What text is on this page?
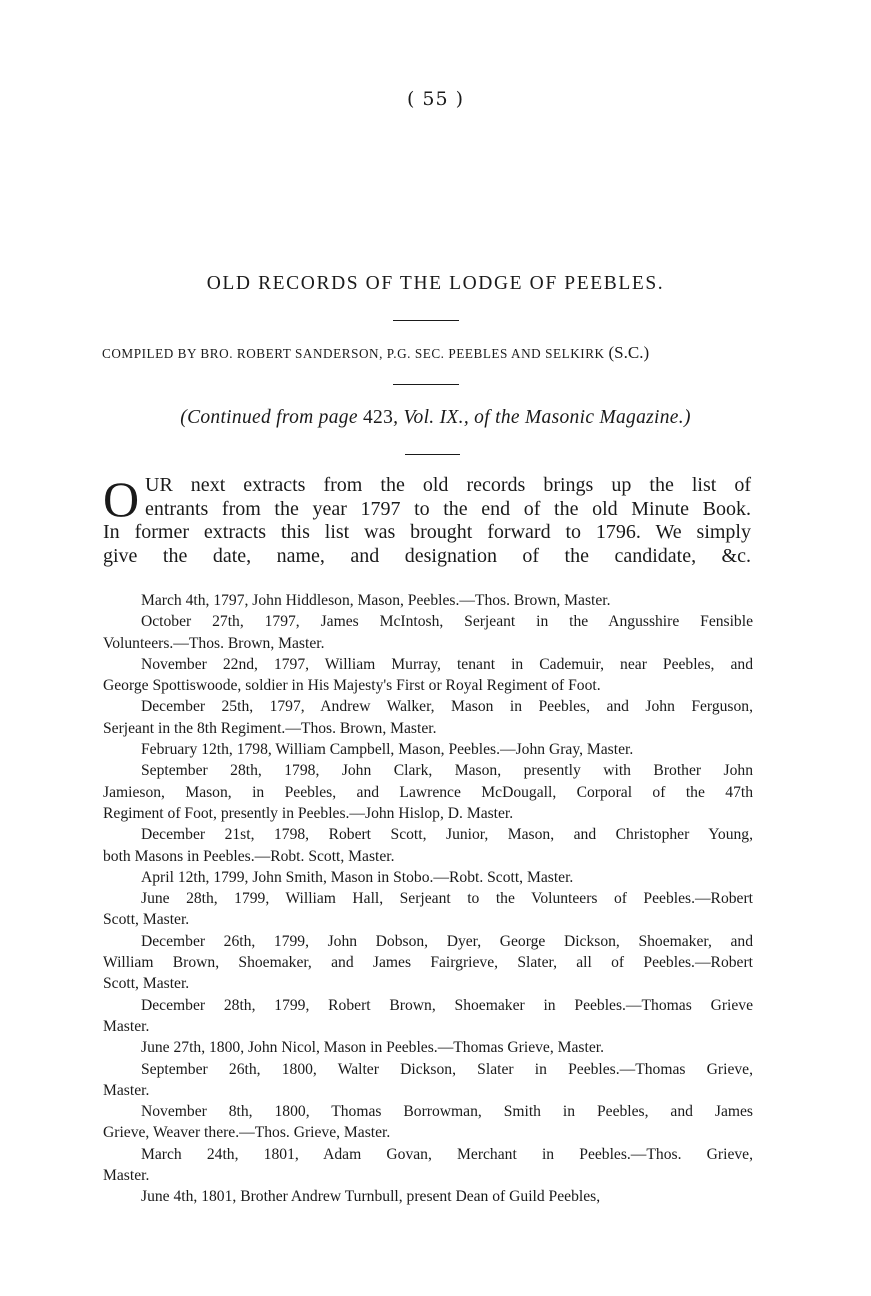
( 55 )
OLD RECORDS OF THE LODGE OF PEEBLES.
COMPILED BY BRO. ROBERT SANDERSON, P.G. SEC. PEEBLES AND SELKIRK (S.C.)
(Continued from page 423, Vol. IX., of the Masonic Magazine.)
O UR next extracts from the old records brings up the list of
entrants from the year 1797 to the end of the old Minute Book.
In former extracts this list was brought forward to 1796. We simply
give the date, name, and designation of the candidate, &c.
March 4th, 1797, John Hiddleson, Mason, Peebles.—Thos. Brown, Master.
October 27th, 1797, James McIntosh, Serjeant in the Angusshire Fensible
Volunteers.—Thos. Brown, Master.
November 22nd, 1797, William Murray, tenant in Cademuir, near Peebles, and
George Spottiswoode, soldier in His Majesty's First or Royal Regiment of Foot.
December 25th, 1797, Andrew Walker, Mason in Peebles, and John Ferguson,
Serjeant in the 8th Regiment.—Thos. Brown, Master.
February 12th, 1798, William Campbell, Mason, Peebles.—John Gray, Master.
September 28th, 1798, John Clark, Mason, presently with Brother John
Jamieson, Mason, in Peebles, and Lawrence McDougall, Corporal of the 47th
Regiment of Foot, presently in Peebles.—John Hislop, D. Master.
December 21st, 1798, Robert Scott, Junior, Mason, and Christopher Young,
both Masons in Peebles.—Robt. Scott, Master.
April 12th, 1799, John Smith, Mason in Stobo.—Robt. Scott, Master.
June 28th, 1799, William Hall, Serjeant to the Volunteers of Peebles.—Robert
Scott, Master.
December 26th, 1799, John Dobson, Dyer, George Dickson, Shoemaker, and
William Brown, Shoemaker, and James Fairgrieve, Slater, all of Peebles.—Robert
Scott, Master.
December 28th, 1799, Robert Brown, Shoemaker in Peebles.—Thomas Grieve
Master.
June 27th, 1800, John Nicol, Mason in Peebles.—Thomas Grieve, Master.
September 26th, 1800, Walter Dickson, Slater in Peebles.—Thomas Grieve,
Master.
November 8th, 1800, Thomas Borrowman, Smith in Peebles, and James
Grieve, Weaver there.—Thos. Grieve, Master.
March 24th, 1801, Adam Govan, Merchant in Peebles.—Thos. Grieve,
Master.
June 4th, 1801, Brother Andrew Turnbull, present Dean of Guild Peebles,
